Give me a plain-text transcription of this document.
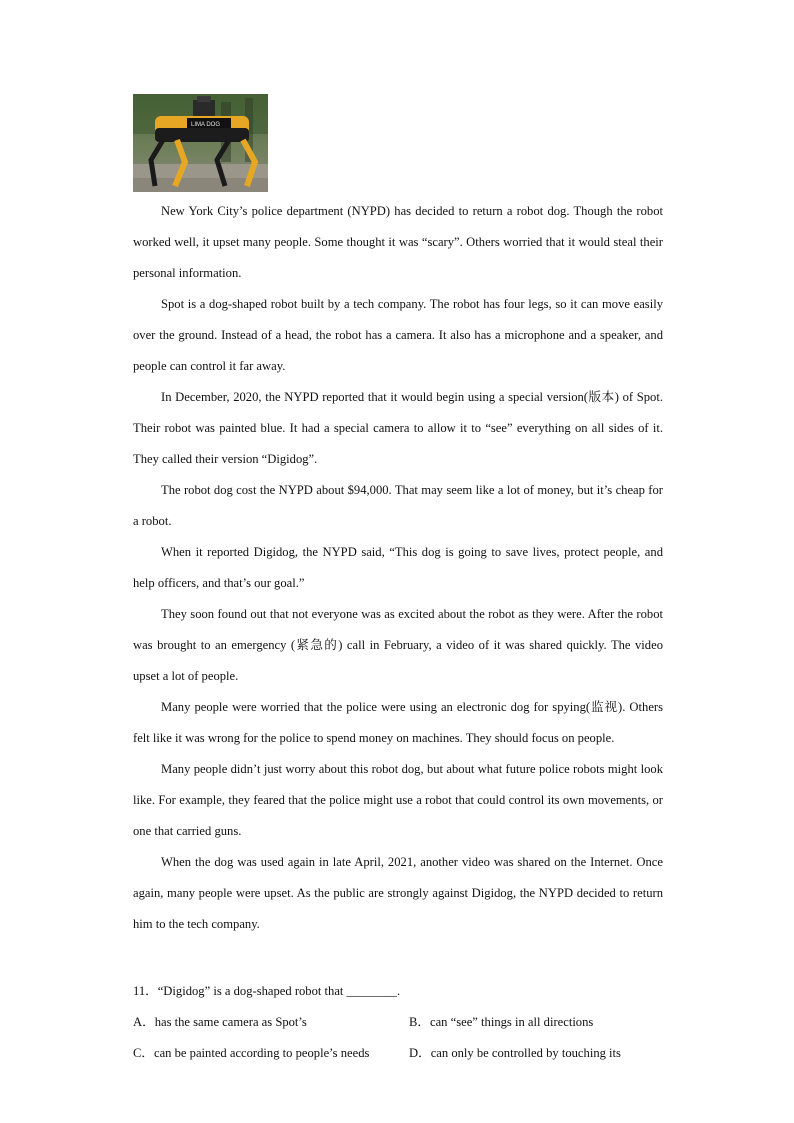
LIMA DOG

New York City’s police department (NYPD) has decided to return a robot dog. Though the robot worked well, it upset many people. Some thought it was “scary”. Others worried that it would steal their personal information.

Spot is a dog-shaped robot built by a tech company. The robot has four legs, so it can move easily over the ground. Instead of a head, the robot has a camera. It also has a microphone and a speaker, and people can control it far away.

In December, 2020, the NYPD reported that it would begin using a special version(版本) of Spot. Their robot was painted blue. It had a special camera to allow it to “see” everything on all sides of it. They called their version “Digidog”.

The robot dog cost the NYPD about $94,000. That may seem like a lot of money, but it’s cheap for a robot.

When it reported Digidog, the NYPD said, “This dog is going to save lives, protect people, and help officers, and that’s our goal.”

They soon found out that not everyone was as excited about the robot as they were. After the robot was brought to an emergency (紧急的) call in February, a video of it was shared quickly. The video upset a lot of people.

Many people were worried that the police were using an electronic dog for spying(监视). Others felt like it was wrong for the police to spend money on machines. They should focus on people.

Many people didn’t just worry about this robot dog, but about what future police robots might look like. For example, they feared that the police might use a robot that could control its own movements, or one that carried guns.

When the dog was used again in late April, 2021, another video was shared on the Internet. Once again, many people were upset. As the public are strongly against Digidog, the NYPD decided to return him to the tech company.

11．“Digidog” is a dog-shaped robot that ________.
A．has the same camera as Spot’s	B．can “see” things in all directions
C．can be painted according to people’s needs	D．can only be controlled by touching its
